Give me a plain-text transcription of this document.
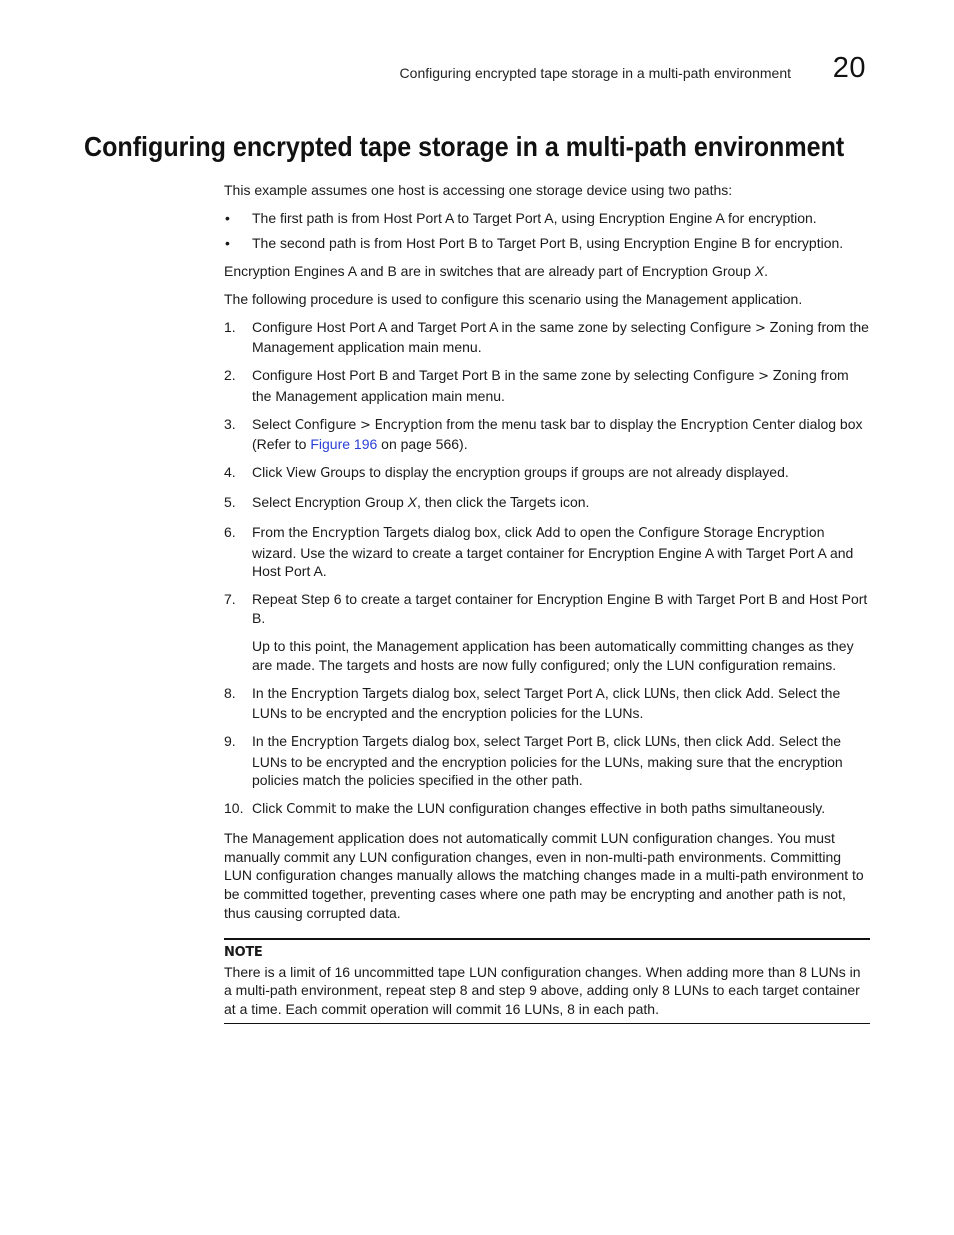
Configuring encrypted tape storage in a multi-path environment 20
Configuring encrypted tape storage in a multi-path environment

This example assumes one host is accessing one storage device using two paths:

• The first path is from Host Port A to Target Port A, using Encryption Engine A for encryption.
• The second path is from Host Port B to Target Port B, using Encryption Engine B for encryption.

Encryption Engines A and B are in switches that are already part of Encryption Group X.

The following procedure is used to configure this scenario using the Management application.

1. Configure Host Port A and Target Port A in the same zone by selecting Configure > Zoning from the Management application main menu.
2. Configure Host Port B and Target Port B in the same zone by selecting Configure > Zoning from the Management application main menu.
3. Select Configure > Encryption from the menu task bar to display the Encryption Center dialog box (Refer to Figure 196 on page 566).
4. Click View Groups to display the encryption groups if groups are not already displayed.
5. Select Encryption Group X, then click the Targets icon.
6. From the Encryption Targets dialog box, click Add to open the Configure Storage Encryption wizard. Use the wizard to create a target container for Encryption Engine A with Target Port A and Host Port A.
7. Repeat Step 6 to create a target container for Encryption Engine B with Target Port B and Host Port B.
Up to this point, the Management application has been automatically committing changes as they are made. The targets and hosts are now fully configured; only the LUN configuration remains.
8. In the Encryption Targets dialog box, select Target Port A, click LUNs, then click Add. Select the LUNs to be encrypted and the encryption policies for the LUNs.
9. In the Encryption Targets dialog box, select Target Port B, click LUNs, then click Add. Select the LUNs to be encrypted and the encryption policies for the LUNs, making sure that the encryption policies match the policies specified in the other path.
10. Click Commit to make the LUN configuration changes effective in both paths simultaneously.

The Management application does not automatically commit LUN configuration changes. You must manually commit any LUN configuration changes, even in non-multi-path environments. Committing LUN configuration changes manually allows the matching changes made in a multi-path environment to be committed together, preventing cases where one path may be encrypting and another path is not, thus causing corrupted data.

NOTE
There is a limit of 16 uncommitted tape LUN configuration changes. When adding more than 8 LUNs in a multi-path environment, repeat step 8 and step 9 above, adding only 8 LUNs to each target container at a time. Each commit operation will commit 16 LUNs, 8 in each path.
